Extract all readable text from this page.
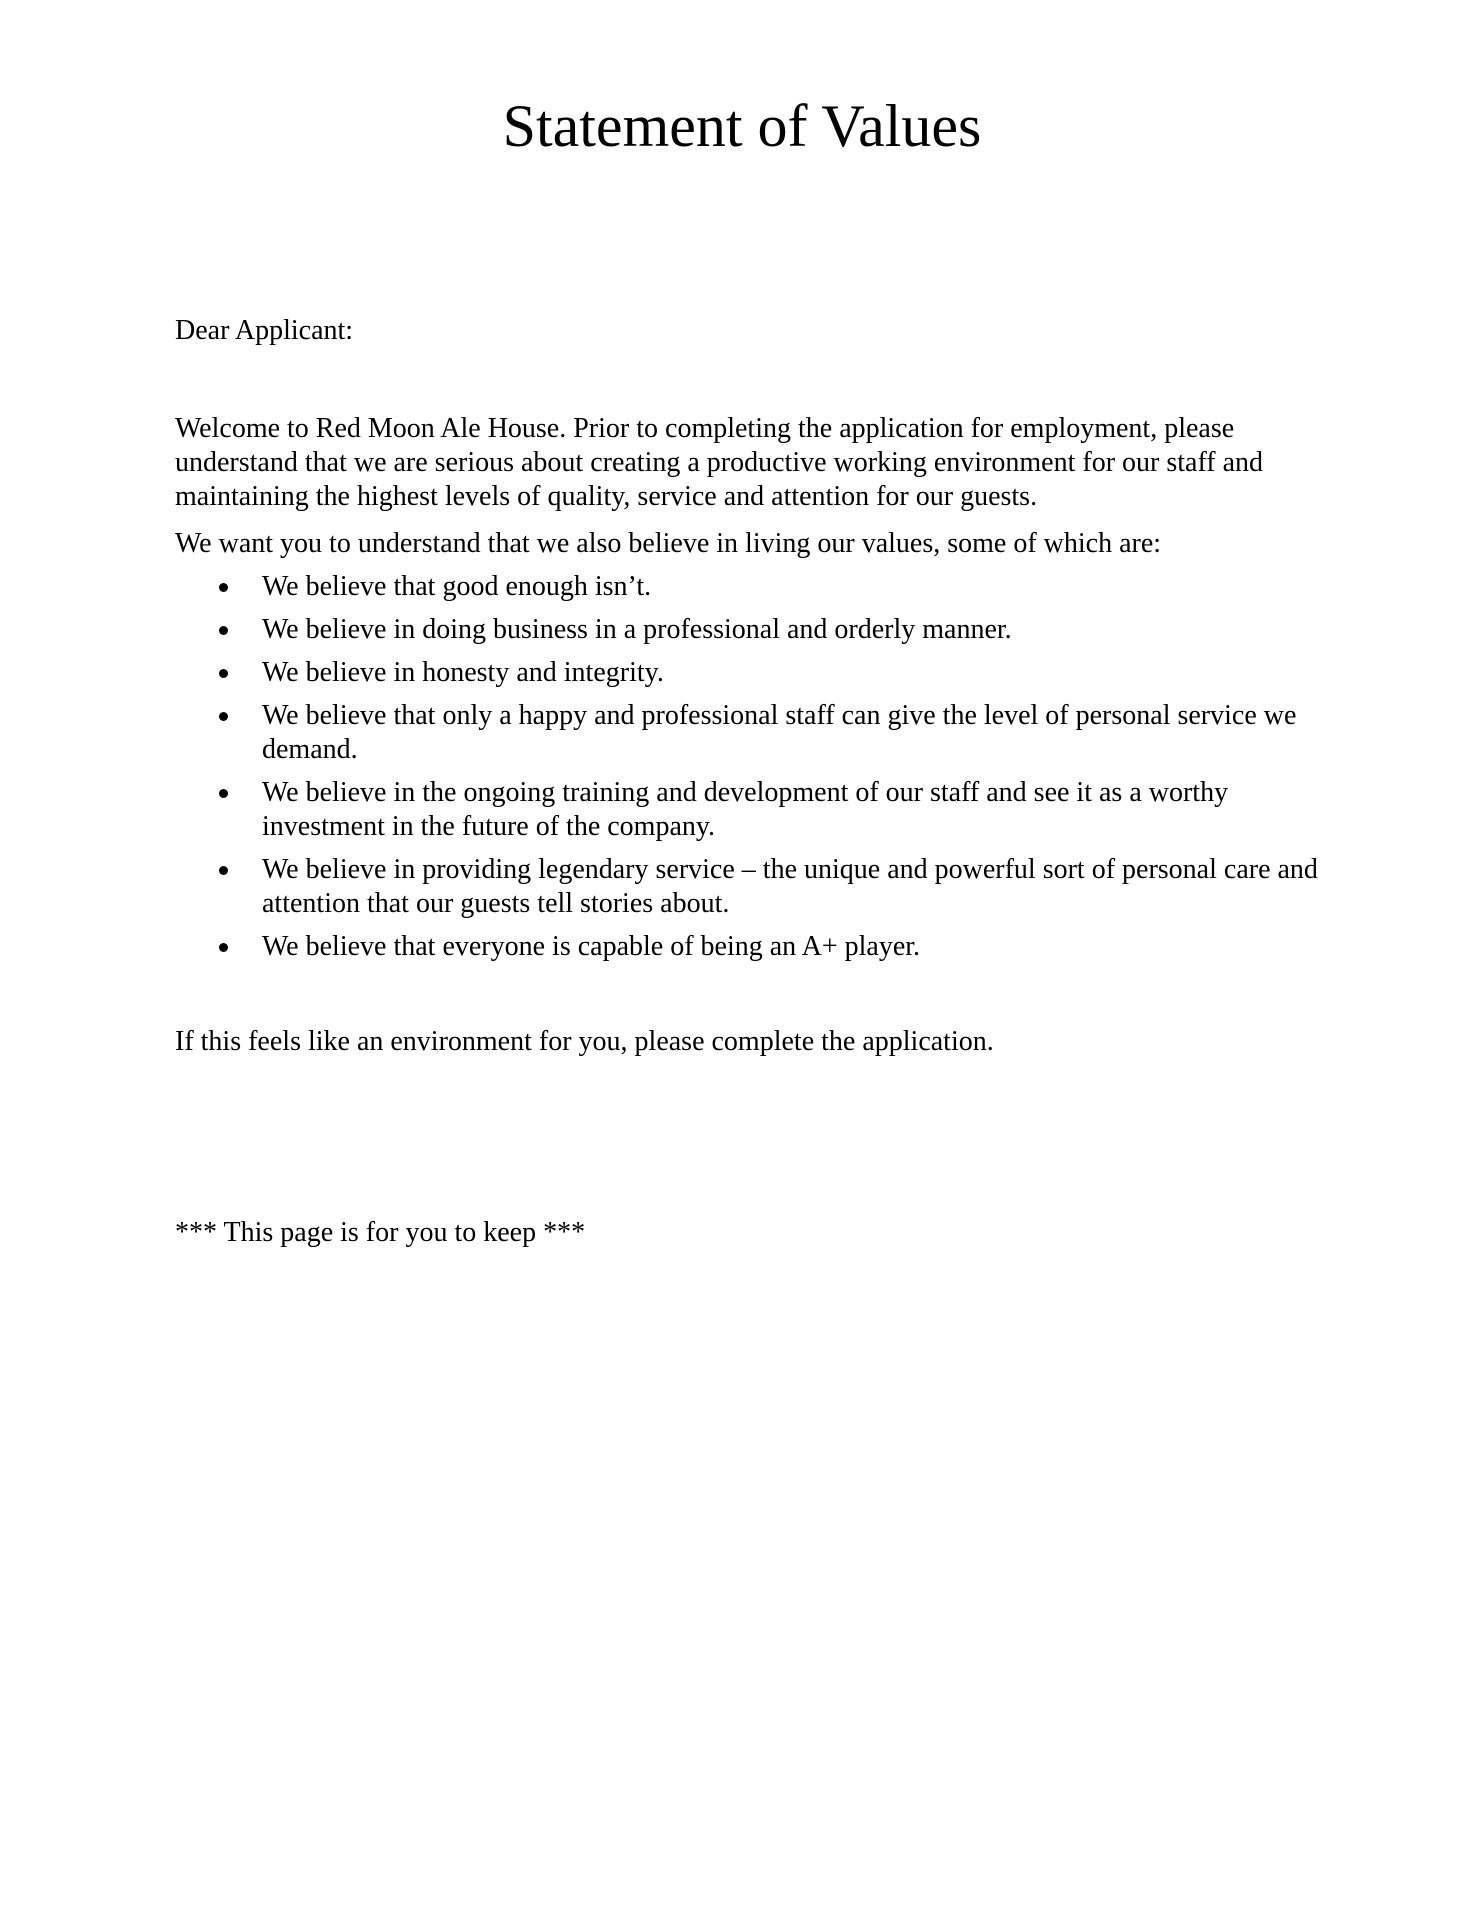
Statement of Values

Dear Applicant:

Welcome to Red Moon Ale House. Prior to completing the application for employment, please understand that we are serious about creating a productive working environment for our staff and maintaining the highest levels of quality, service and attention for our guests.

We want you to understand that we also believe in living our values, some of which are:

We believe that good enough isn’t.
We believe in doing business in a professional and orderly manner.
We believe in honesty and integrity.
We believe that only a happy and professional staff can give the level of personal service we demand.
We believe in the ongoing training and development of our staff and see it as a worthy investment in the future of the company.
We believe in providing legendary service – the unique and powerful sort of personal care and attention that our guests tell stories about.
We believe that everyone is capable of being an A+ player.

If this feels like an environment for you, please complete the application.

*** This page is for you to keep ***
